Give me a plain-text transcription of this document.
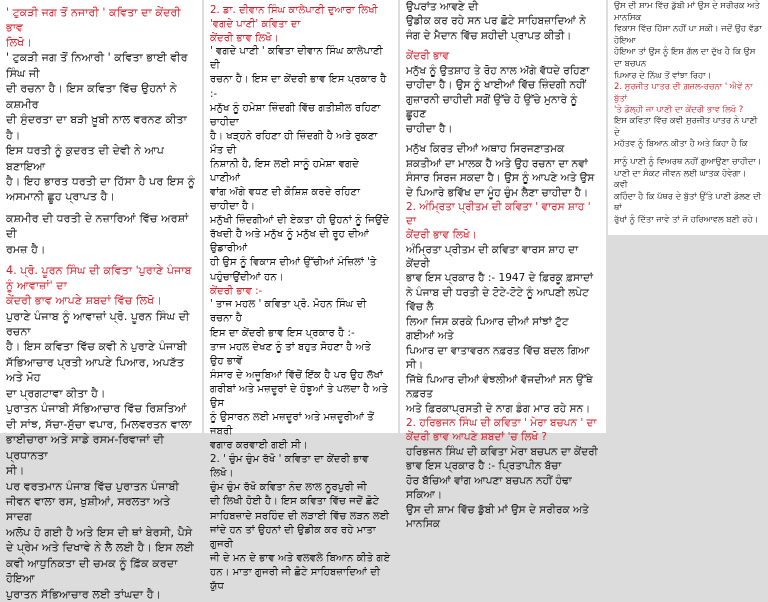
' ਟੁਕੜੀ ਜਗ ਤੋਂ ਨਜਾਰੀ ' ਕਵਿਤਾ ਦਾ ਕੇਂਦਰੀ ਭਾਵ

ਲਿਖੋ।

' ਟੁਕੜੀ ਜਗ ਤੋਂ ਨਿਆਰੀ ' ਕਵਿਤਾ ਭਾਈ ਵੀਰ ਸਿੰਘ ਜੀ

ਦੀ ਰਚਨਾ ਹੈ। ਇਸ ਕਵਿਤਾ ਵਿੱਚ ਉਹਨਾਂ ਨੇ ਕਸ਼ਮੀਰ

ਦੀ ਸੁੰਦਰਤਾ ਦਾ ਬੜੀ ਖ਼ੂਬੀ ਨਾਲ ਵਰਨਣ ਕੀਤਾ ਹੈ।

ਇਸ ਧਰਤੀ ਨੂੰ ਕੁਦਰਤ ਦੀ ਦੇਵੀ ਨੇ ਆਪ ਬਣਾਇਆ

ਹੈ। ਇਹ ਭਾਰਤ ਧਰਤੀ ਦਾ ਹਿੱਸਾ ਹੈ ਪਰ ਇਸ ਨੂੰ

ਅਸਮਾਨੀ ਛੂਹ ਪ੍ਰਾਪਤ ਹੈ।

ਕਸ਼ਮੀਰ ਦੀ ਧਰਤੀ ਦੇ ਨਜ਼ਾਰਿਆਂ ਵਿੱਚ ਅਰਸ਼ਾਂ ਦੀ

ਰਮਜ਼ ਹੈ।

4. ਪ੍ਰੋ. ਪੂਰਨ ਸਿੰਘ ਦੀ ਕਵਿਤਾ 'ਪੁਰਾਣੇ ਪੰਜਾਬ ਨੂੰ ਆਵਾਜ਼ਾਂ' ਦਾ

ਕੇਂਦਰੀ ਭਾਵ ਆਪਣੇ ਸ਼ਬਦਾਂ ਵਿੱਚ ਲਿਖੋ।

ਪੁਰਾਣੇ ਪੰਜਾਬ ਨੂੰ ਆਵਾਜ਼ਾਂ ਪ੍ਰੋ. ਪੂਰਨ ਸਿੰਘ ਦੀ ਰਚਨਾ

ਹੈ। ਇਸ ਕਵਿਤਾ ਵਿੱਚ ਕਵੀ ਨੇ ਪੁਰਾਣੇ ਪੰਜਾਬੀ

ਸੱਭਿਆਚਾਰ ਪ੍ਰਤੀ ਆਪਣੇ ਪਿਆਰ, ਅਪਣੱਤ ਅਤੇ ਮੋਹ

ਦਾ ਪ੍ਰਗਟਾਵਾ ਕੀਤਾ ਹੈ।

ਪੁਰਾਤਨ ਪੰਜਾਬੀ ਸੱਭਿਆਚਾਰ ਵਿੱਚ ਰਿਸ਼ਤਿਆਂ

ਦੀ ਸਾਂਝ, ਸੱਚਾ-ਸੁੱਚਾ ਵਪਾਰ, ਮਿਲਵਰਤਨ ਵਾਲਾ

ਭਾਈਚਾਰਾ ਅਤੇ ਸਾਡੇ ਰਸਮ-ਰਿਵਾਜਾਂ ਦੀ ਪ੍ਰਧਾਨਤਾ

ਸੀ।

ਪਰ ਵਰਤਮਾਨ ਪੰਜਾਬ ਵਿੱਚ ਪੁਰਾਤਨ ਪੰਜਾਬੀ

ਜੀਵਨ ਵਾਲਾ ਰਸ, ਖੁਸ਼ੀਆਂ, ਸਰਲਤਾ ਅਤੇ ਸਾਦਗ

ਅਲੋਪ ਹੋ ਗਈ ਹੈ ਅਤੇ ਇਸ ਦੀ ਥਾਂ ਬੇਰਸੀ, ਪੈਸੇ

ਦੇ ਪ੍ਰੇਮ ਅਤੇ ਦਿਖਾਵੇ ਨੇ ਲੈ ਲਈ ਹੈ। ਇਸ ਲਈ

ਕਵੀ ਆਧੁਨਿਕਤਾ ਦੀ ਚਮਕ ਨੂੰ ਫ਼ਿੱਕ ਕਰਦਾ ਹੋਇਆ

ਪੁਰਾਤਨ ਸੱਭਿਆਚਾਰ ਲਈ ਤਾਂਘਦਾ ਹੈ।

2. ਡਾ. ਦੀਵਾਨ ਸਿੰਘ ਕਾਲੇਪਾਣੀ ਦੁਆਰਾ ਲਿਖੀ 'ਵਗਦੇ ਪਾਣੀ' ਕਵਿਤਾ ਦਾ

ਕੇਂਦਰੀ ਭਾਵ ਲਿਖੋ।

' ਵਗਦੇ ਪਾਣੀ ' ਕਵਿਤਾ ਦੀਵਾਨ ਸਿੰਘ ਕਾਲੇਪਾਣੀ ਦੀ

ਰਚਨਾ ਹੈ। ਇਸ ਦਾ ਕੇਂਦਰੀ ਭਾਵ ਇਸ ਪ੍ਰਕਾਰ ਹੈ :-

ਮਨੁੱਖ ਨੂੰ ਹਮੇਸ਼ਾ ਜ਼ਿੰਦਗੀ ਵਿੱਚ ਗਤੀਸ਼ੀਲ ਰਹਿਣਾ ਚਾਹੀਦਾ

ਹੈ। ਖੜ੍ਹਨੇ ਰਹਿਣਾ ਹੀ ਜ਼ਿੰਦਗੀ ਹੈ ਅਤੇ ਰੁਕਣਾ ਮੌਤ ਦੀ

ਨਿਸ਼ਾਨੀ ਹੈ, ਇਸ ਲਈ ਸਾਨੂੰ ਹਮੇਸ਼ਾ ਵਗਦੇ ਪਾਣੀਆਂ

ਵਾਂਗ ਅੱਗੇ ਵਧਣ ਦੀ ਕੋਸ਼ਿਸ਼ ਕਰਦੇ ਰਹਿਣਾ ਚਾਹੀਦਾ ਹੈ।

ਮਨੁੱਖੀ ਜ਼ਿੰਦਗੀਆਂ ਦੀ ਏਕਤਾ ਹੀ ਉਹਨਾਂ ਨੂੰ ਜਿਉਂਦੇ

ਰੱਖਦੀ ਹੈ ਅਤੇ ਮਨੁੱਖ ਨੂੰ ਮਨੁੱਖ ਦੀ ਰੂਹ ਦੀਆਂ ਉਡਾਰੀਆਂ

ਹੀ ਉਸ ਨੂੰ ਵਿਕਾਸ ਦੀਆਂ ਉੱਚੀਆਂ ਮੰਜ਼ਿਲਾਂ 'ਤੇ

ਪਹੁੰਚਾਉਂਦੀਆਂ ਹਨ।

ਕੇਂਦਰੀ ਭਾਵ :-

' ਤਾਜ ਮਹਲ ' ਕਵਿਤਾ ਪ੍ਰੋ. ਮੋਹਨ ਸਿੰਘ ਦੀ ਰਚਨਾ ਹੈ

ਇਸ ਦਾ ਕੇਂਦਰੀ ਭਾਵ ਇਸ ਪ੍ਰਕਾਰ ਹੈ :-

ਤਾਜ ਮਹਲ ਦੇਖਣ ਨੂੰ ਤਾਂ ਬਹੁਤ ਸੋਹਣਾ ਹੈ ਅਤੇ

ਉਹ ਭਾਵੇਂ

ਸੰਸਾਰ ਦੇ ਅਜੂਬਿਆਂ ਵਿੱਚੋਂ ਇੱਕ ਹੈ ਪਰ ਉਹ ਲੱਖਾਂ

ਗਰੀਬਾਂ ਅਤੇ ਮਜ਼ਦੂਰਾਂ ਦੇ ਹੰਝੂਆਂ ਤੇ ਪਲਦਾ ਹੈ ਅਤੇ ਉਸ

ਨੂੰ ਉਸਾਰਨ ਲਈ ਮਜ਼ਦੂਰਾਂ ਅਤੇ ਮਜ਼ਦੂਰੀਆਂ ਤੋਂ ਜਬਰੀ

ਵਗਾਰ ਕਰਵਾਈ ਗਈ ਸੀ।

2. ' ਚੁੰਮ ਚੁੰਮ ਰੱਖੋ ' ਕਵਿਤਾ ਦਾ ਕੇਂਦਰੀ ਭਾਵ ਲਿਖੋ।

ਚੁੰਮ ਚੁੰਮ ਰੱਖੋ ਕਵਿਤਾ ਨੰਦ ਲਾਲ ਨੂਰਪੁਰੀ ਜੀ

ਦੀ ਲਿਖੀ ਹੋਈ ਹੈ। ਇਸ ਕਵਿਤਾ ਵਿੱਚ ਜਦੋਂ ਛੋਟੇ

ਸਾਹਿਬਜ਼ਾਦੇ ਸਰਹਿੰਦ ਦੀ ਲੜਾਈ ਵਿੱਚ ਲੜਨ ਲਈ

ਜਾਂਦੇ ਹਨ ਤਾਂ ਉਹਨਾਂ ਦੀ ਉਡੀਕ ਕਰ ਰਹੇ ਮਾਤਾ ਗੁਜਰੀ

ਜੀ ਦੇ ਮਨ ਦੇ ਭਾਵ ਅਤੇ ਵਲਵਲੇ ਬਿਆਨ ਕੀਤੇ ਗਏ

ਹਨ। ਮਾਤਾ ਗੁਜਰੀ ਜੀ ਛੋਟੇ ਸਾਹਿਬਜ਼ਾਦਿਆਂ ਦੀ ਯੁੱਧ

ਉਪਰਾਂਤ ਆਵਣੇ ਦੀ

ਉਡੀਕ ਕਰ ਰਹੇ ਸਨ ਪਰ ਛੋਟੇ ਸਾਹਿਬਜ਼ਾਦਿਆਂ ਨੇ

ਜੰਗ ਦੇ ਮੈਦਾਨ ਵਿੱਚ ਸ਼ਹੀਦੀ ਪ੍ਰਾਪਤ ਕੀਤੀ।

ਕੇਂਦਰੀ ਭਾਵ

ਮਨੁੱਖ ਨੂੰ ਉਤਸ਼ਾਹ ਤੇ ਰੋਹ ਨਾਲ ਅੱਗੇ ਵੱਧਦੇ ਰਹਿਣਾ

ਚਾਹੀਦਾ ਹੈ। ਉਸ ਨੂੰ ਖਾਈਆਂ ਵਿੱਚ ਜ਼ਿੰਦਗੀ ਨਹੀਂ

ਗੁਜ਼ਾਰਨੀ ਚਾਹੀਦੀ ਸਗੋਂ ਉੱਚੇ ਹੋ ਉੱਚੇ ਮੁਨਾਰੇ ਨੂੰ ਛੂਹਣ

ਚਾਹੀਦਾ ਹੈ।

ਮਨੁੱਖ ਕਿਰਤ ਦੀਆਂ ਅਥਾਹ ਸਿਰਜਣਾਤਮਕ

ਸ਼ਕਤੀਆਂ ਦਾ ਮਾਲਕ ਹੈ ਅਤੇ ਉਹ ਰਚਨਾ ਦਾ ਨਵਾਂ

ਸੰਸਾਰ ਸਿਰਜ ਸਕਦਾ ਹੈ। ਉਸ ਨੂੰ ਆਪਣੇ ਅਤੇ ਉਸ

ਦੇ ਪਿਆਰੇ ਭਵਿੱਖ ਦਾ ਮੂੰਹ ਚੁੰਮ ਲੈਣਾ ਚਾਹੀਦਾ ਹੈ।

2. ਅੰਮ੍ਰਿਤਾ ਪ੍ਰੀਤਮ ਦੀ ਕਵਿਤਾ ' ਵਾਰਸ ਸ਼ਾਹ ' ਦਾ

ਕੇਂਦਰੀ ਭਾਵ ਲਿਖੋ।

ਅੰਮ੍ਰਿਤਾ ਪ੍ਰੀਤਮ ਦੀ ਕਵਿਤਾ ਵਾਰਸ ਸ਼ਾਹ ਦਾ ਕੇਂਦਰੀ

ਭਾਵ ਇਸ ਪ੍ਰਕਾਰ ਹੈ :- 1947 ਦੇ ਫ਼ਿਰਕੂ ਫ਼ਸਾਦਾਂ

ਨੇ ਪੰਜਾਬ ਦੀ ਧਰਤੀ ਦੇ ਟੋਟੇ-ਟੋਟੇ ਨੂੰ ਆਪਣੀ ਲਪੇਟ ਵਿੱਚ ਲੈ

ਲਿਆ ਜਿਸ ਕਰਕੇ ਪਿਆਰ ਦੀਆਂ ਸਾਂਝਾਂ ਟੁੱਟ ਗਈਆਂ ਅਤੇ

ਪਿਆਰ ਦਾ ਵਾਤਾਵਰਨ ਨਫ਼ਰਤ ਵਿੱਚ ਬਦਲ ਗਿਆ ਸੀ।

ਜਿੱਥੇ ਪਿਆਰ ਦੀਆਂ ਵੰਝਲੀਆਂ ਵੱਜਦੀਆਂ ਸਨ ਉੱਥੇ ਨਫ਼ਰਤ

ਅਤੇ ਫ਼ਿਰਕਾਪ੍ਰਸਤੀ ਦੇ ਨਾਗ ਡੰਗ ਮਾਰ ਰਹੇ ਸਨ।

2. ਹਰਿਭਜਨ ਸਿੰਘ ਦੀ ਕਵਿਤਾ ' ਮੇਰਾ ਬਚਪਨ ' ਦਾ

ਕੇਂਦਰੀ ਭਾਵ ਆਪਣੇ ਸ਼ਬਦਾਂ 'ਚ ਲਿਖੋ ?

ਹਰਿਭਜਨ ਸਿੰਘ ਦੀ ਕਵਿਤਾ ਮੇਰਾ ਬਚਪਨ ਦਾ ਕੇਂਦਰੀ

ਭਾਵ ਇਸ ਪ੍ਰਕਾਰ ਹੈ :- ਪ੍ਰਿਤਾਪੀਨ ਬੱਚਾ

ਹੋਰ ਬੱਚਿਆਂ ਵਾਂਗ ਆਪਣਾ ਬਚਪਨ ਨਹੀਂ ਹੰਢਾ ਸਕਿਆ।

ਉਸ ਦੀ ਸ਼ਾਮ ਵਿੱਚ ਡੁੱਬੀ ਮਾਂ ਉਸ ਦੇ ਸਰੀਰਕ ਅਤੇ ਮਾਨਸਿਕ

ਉਸ ਦੀ ਸ਼ਾਮ ਵਿੱਚ ਡੁੱਬੀ ਮਾਂ ਉਸ ਦੇ ਸਰੀਰਕ ਅਤੇ ਮਾਨਸਿਕ

ਵਿਕਾਸ ਵਿੱਚ ਹਿੱਸਾ ਨਹੀਂ ਪਾ ਸਕੀ। ਜਦੋਂ ਉਹ ਵੱਡਾ ਹੋਇਆ

ਹੋਇਆ ਤਾਂ ਉਸ ਨੂੰ ਇਸ ਗੱਲ ਦਾ ਦੁੱਖ ਹੈ ਕਿ ਉਸ ਦਾ ਬਚਪਨ

ਪਿਆਰ ਦੇ ਨਿੱਘ ਤੋਂ ਵਾਂਝਾ ਰਿਹਾ।

2. ਸੁਰਜੀਤ ਪਾਤਰ ਦੀ ਗ਼ਜ਼ਲ-ਰਚਨਾ ' ਐਵੇਂ ਨਾ ਬੁੱਤਾਂ

'ਤੇ ਡੋਲ੍ਹੀ ਜਾ ਪਾਣੀ ਦਾ ਕੇਂਦਰੀ ਭਾਵ ਲਿਖੋ ?

ਇਸ ਕਵਿਤਾ ਵਿੱਚ ਕਵੀ ਸੁਰਜੀਤ ਪਾਤਰ ਨੇ ਪਾਣੀ ਦੇ

ਮਹੱਤਵ ਨੂੰ ਬਿਆਨ ਕੀਤਾ ਹੈ ਅਤੇ ਕਿਹਾ ਹੈ ਕਿ

ਸਾਨੂੰ ਪਾਣੀ ਨੂੰ ਵਿਅਰਥ ਨਹੀਂ ਗੁਆਉਣਾ ਚਾਹੀਦਾ।

ਪਾਣੀ ਦਾ ਸੰਕਟ ਜੀਵਨ ਲਈ ਘਾਤਕ ਹੋਵੇਗਾ। ਕਵੀ

ਕਹਿੰਦਾ ਹੈ ਕਿ ਪੱਥਰ ਦੇ ਬੁੱਤਾਂ ਉੱਤੇ ਪਾਣੀ ਡੋਲਣ ਦੀ ਥਾਂ

ਰੁੱਖਾਂ ਨੂੰ ਦਿੱਤਾ ਜਾਵੇ ਤਾਂ ਜੋ ਹਰਿਆਵਲ ਬਣੀ ਰਹੇ।
